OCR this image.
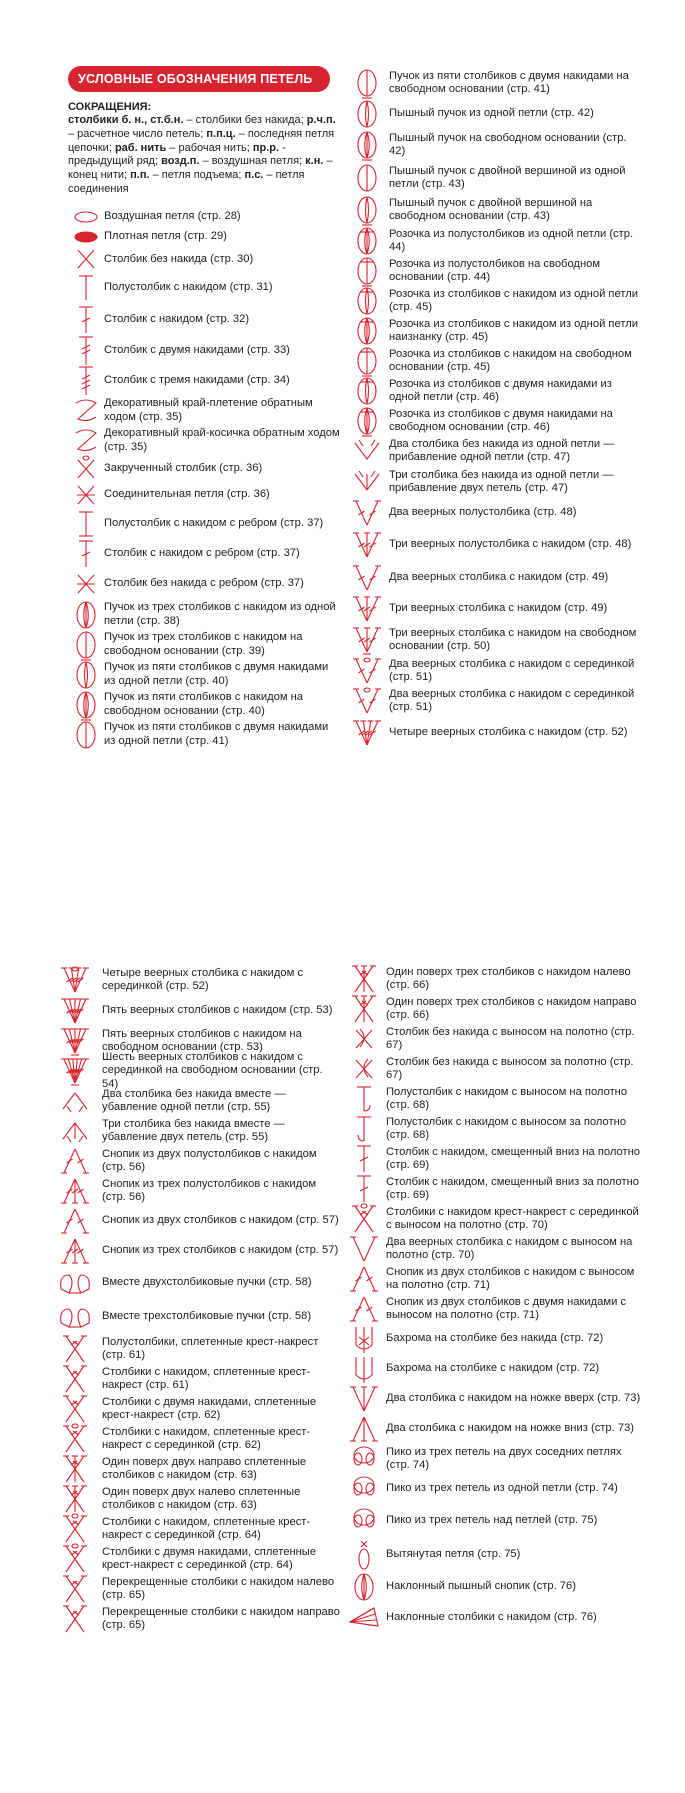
УСЛОВНЫЕ ОБОЗНАЧЕНИЯ ПЕТЕЛЬ
СОКРАЩЕНИЯ:
столбики б. н., ст.б.н. – столбики без накида; р.ч.п. – расчетное число петель; п.п.ц. – последняя петля цепочки; раб. нить – рабочая нить; пр.р. - предыдущий ряд; возд.п. – воздушная петля; к.н. – конец нити; п.п. – петля подъема; п.с. – петля соединения
Воздушная петля (стр. 28)
Плотная петля (стр. 29)
Столбик без накида (стр. 30)
Полустолбик с накидом (стр. 31)
Столбик с накидом (стр. 32)
Столбик с двумя накидами (стр. 33)
Столбик с тремя накидами (стр. 34)
Декоративный край-плетение обратным ходом (стр. 35)
Декоративный край-косичка обратным ходом (стр. 35)
Закрученный столбик (стр. 36)
Соединительная петля (стр. 36)
Полустолбик с накидом с ребром (стр. 37)
Столбик с накидом с ребром (стр. 37)
Столбик без накида с ребром (стр. 37)
Пучок из трех столбиков с накидом из одной петли (стр. 38)
Пучок из трех столбиков с накидом на свободном основании (стр. 39)
Пучок из пяти столбиков с двумя накидами из одной петли (стр. 40)
Пучок из пяти столбиков с накидом на свободном основании (стр. 40)
Пучок из пяти столбиков с двумя накидами из одной петли (стр. 41)
Пучок из пяти столбиков с двумя накидами на свободном основании (стр. 41)
Пышный пучок из одной петли (стр. 42)
Пышный пучок на свободном основании (стр. 42)
Пышный пучок с двойной вершиной из одной петли (стр. 43)
Пышный пучок с двойной вершиной на свободном основании (стр. 43)
Розочка из полустолбиков из одной петли (стр. 44)
Розочка из полустолбиков на свободном основании (стр. 44)
Розочка из столбиков с накидом из одной петли (стр. 45)
Розочка из столбиков с накидом из одной петли наизнанку (стр. 45)
Розочка из столбиков с накидом на свободном основании (стр. 45)
Розочка из столбиков с двумя накидами из одной петли (стр. 46)
Розочка из столбиков с двумя накидами на свободном основании (стр. 46)
Два столбика без накида из одной петли — прибавление одной петли (стр. 47)
Три столбика без накида из одной петли — прибавление двух петель (стр. 47)
Два веерных полустолбика (стр. 48)
Три веерных полустолбика с накидом (стр. 48)
Два веерных столбика с накидом (стр. 49)
Три веерных столбика с накидом (стр. 49)
Три веерных столбика с накидом на свободном основании (стр. 50)
Два веерных столбика с накидом с серединкой (стр. 51)
Два веерных столбика с накидом с серединкой (стр. 51)
Четыре веерных столбика с накидом (стр. 52)
Четыре веерных столбика с накидом с серединкой (стр. 52)
Пять веерных столбиков с накидом (стр. 53)
Пять веерных столбиков с накидом на свободном основании (стр. 53)
Шесть веерных столбиков с накидом с серединкой на свободном основании (стр. 54)
Два столбика без накида вместе — убавление одной петли (стр. 55)
Три столбика без накида вместе — убавление двух петель (стр. 55)
Снопик из двух полустолбиков с накидом (стр. 56)
Снопик из трех полустолбиков с накидом (стр. 56)
Снопик из двух столбиков с накидом (стр. 57)
Снопик из трех столбиков с накидом (стр. 57)
Вместе двухстолбиковые пучки (стр. 58)
Вместе трехстолбиковые пучки (стр. 58)
Полустолбики, сплетенные крест-накрест (стр. 61)
Столбики с накидом, сплетенные крест-накрест (стр. 61)
Столбики с двумя накидами, сплетенные крест-накрест (стр. 62)
Столбики с накидом, сплетенные крест-накрест с серединкой (стр. 62)
Один поверх двух направо сплетенные столбиков с накидом (стр. 63)
Один поверх двух налево сплетенные столбиков с накидом (стр. 63)
Столбики с накидом, сплетенные крест-накрест с серединкой (стр. 64)
Столбики с двумя накидами, сплетенные крест-накрест с серединкой (стр. 64)
Перекрещенные столбики с накидом налево (стр. 65)
Перекрещенные столбики с накидом направо (стр. 65)
Один поверх трех столбиков с накидом налево (стр. 66)
Один поверх трех столбиков с накидом направо (стр. 66)
Столбик без накида с выносом на полотно (стр. 67)
Столбик без накида с выносом за полотно (стр. 67)
Полустолбик с накидом с выносом на полотно (стр. 68)
Полустолбик с накидом с выносом за полотно (стр. 68)
Столбик с накидом, смещенный вниз на полотно (стр. 69)
Столбик с накидом, смещенный вниз за полотно (стр. 69)
Столбики с накидом крест-накрест с серединкой с выносом на полотно (стр. 70)
Два веерных столбика с накидом с выносом на полотно (стр. 70)
Снопик из двух столбиков с накидом с выносом на полотно (стр. 71)
Снопик из двух столбиков с двумя накидами с выносом на полотно (стр. 71)
Бахрома на столбике без накида (стр. 72)
Бахрома на столбике с накидом (стр. 72)
Два столбика с накидом на ножке вверх (стр. 73)
Два столбика с накидом на ножке вниз (стр. 73)
Пико из трех петель на двух соседних петлях (стр. 74)
Пико из трех петель из одной петли (стр. 74)
Пико из трех петель над петлей (стр. 75)
Вытянутая петля (стр. 75)
Наклонный пышный снопик (стр. 76)
Наклонные столбики с накидом (стр. 76)
